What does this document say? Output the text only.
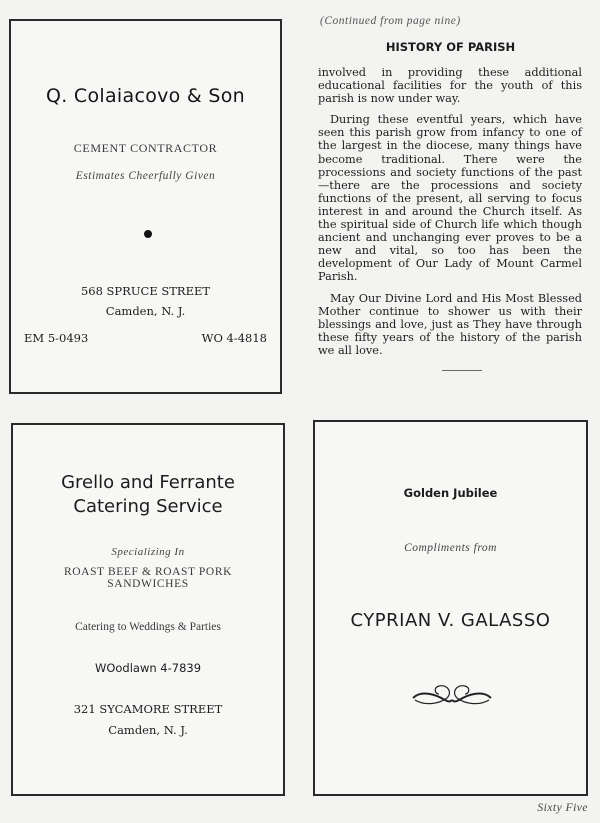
Q. Colaiacovo & Son
CEMENT CONTRACTOR
Estimates Cheerfully Given
568 SPRUCE STREET
Camden, N. J.
EM 5-0493	WO 4-4818
(Continued from page nine)
HISTORY OF PARISH

involved in providing these additional educational facilities for the youth of this parish is now under way.

During these eventful years, which have seen this parish grow from infancy to one of the largest in the diocese, many things have become traditional. There were the processions and society functions of the past—there are the processions and society functions of the present, all serving to focus interest in and around the Church itself. As the spiritual side of Church life which though ancient and unchanging ever proves to be a new and vital, so too has been the development of Our Lady of Mount Carmel Parish.

May Our Divine Lord and His Most Blessed Mother continue to shower us with their blessings and love, just as They have through these fifty years of the history of the parish we all love.

Grello and Ferrante
Catering Service
Specializing In
ROAST BEEF & ROAST PORK
SANDWICHES
Catering to Weddings & Parties
WOodlawn 4-7839
321 SYCAMORE STREET
Camden, N. J.
Golden Jubilee
Compliments from
CYPRIAN V. GALASSO
Sixty Five
